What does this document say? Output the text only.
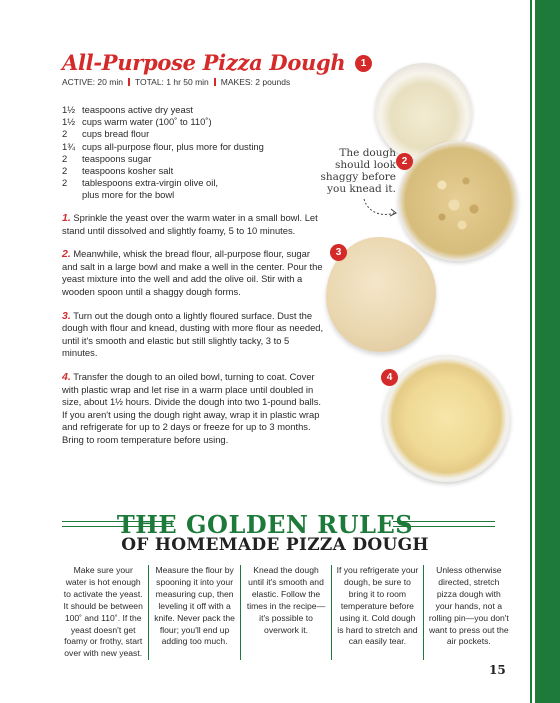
All-Purpose Pizza Dough
ACTIVE: 20 min TOTAL: 1 hr 50 min MAKES: 2 pounds
1½ teaspoons active dry yeast
1½ cups warm water (100˚ to 110˚)
2	cups bread flour
1¾ cups all-purpose flour, plus more for dusting
2	teaspoons sugar
2	teaspoons kosher salt
2	tablespoons extra-virgin olive oil,
plus more for the bowl

1. Sprinkle the yeast over the warm water in a small bowl. Let stand until dissolved and slightly foamy, 5 to 10 minutes.

2. Meanwhile, whisk the bread flour, all-purpose flour, sugar and salt in a large bowl and make a well in the center. Pour the yeast mixture into the well and add the olive oil. Stir with a wooden spoon until a shaggy dough forms.

3. Turn out the dough onto a lightly floured surface. Dust the dough with flour and knead, dusting with more flour as needed, until it's smooth and elastic but still slightly tacky, 3 to 5 minutes.

4. Transfer the dough to an oiled bowl, turning to coat. Cover with plastic wrap and let rise in a warm place until doubled in size, about 1½ hours. Divide the dough into two 1-pound balls. If you aren't using the dough right away, wrap it in plastic wrap and refrigerate for up to 2 days or freeze for up to 3 months. Bring to room temperature before using.

1
2
3
4
The dough should look shaggy before you knead it.
THE GOLDEN RULES
OF HOMEMADE PIZZA DOUGH
Make sure your water is hot enough to activate the yeast. It should be between 100˚ and 110˚. If the yeast doesn't get foamy or frothy, start over with new yeast.
Measure the flour by spooning it into your measuring cup, then leveling it off with a knife. Never pack the flour; you'll end up adding too much.
Knead the dough until it's smooth and elastic. Follow the times in the recipe—it's possible to overwork it.
If you refrigerate your dough, be sure to bring it to room temperature before using it. Cold dough is hard to stretch and can easily tear.
Unless otherwise directed, stretch pizza dough with your hands, not a rolling pin—you don't want to press out the air pockets.
15
